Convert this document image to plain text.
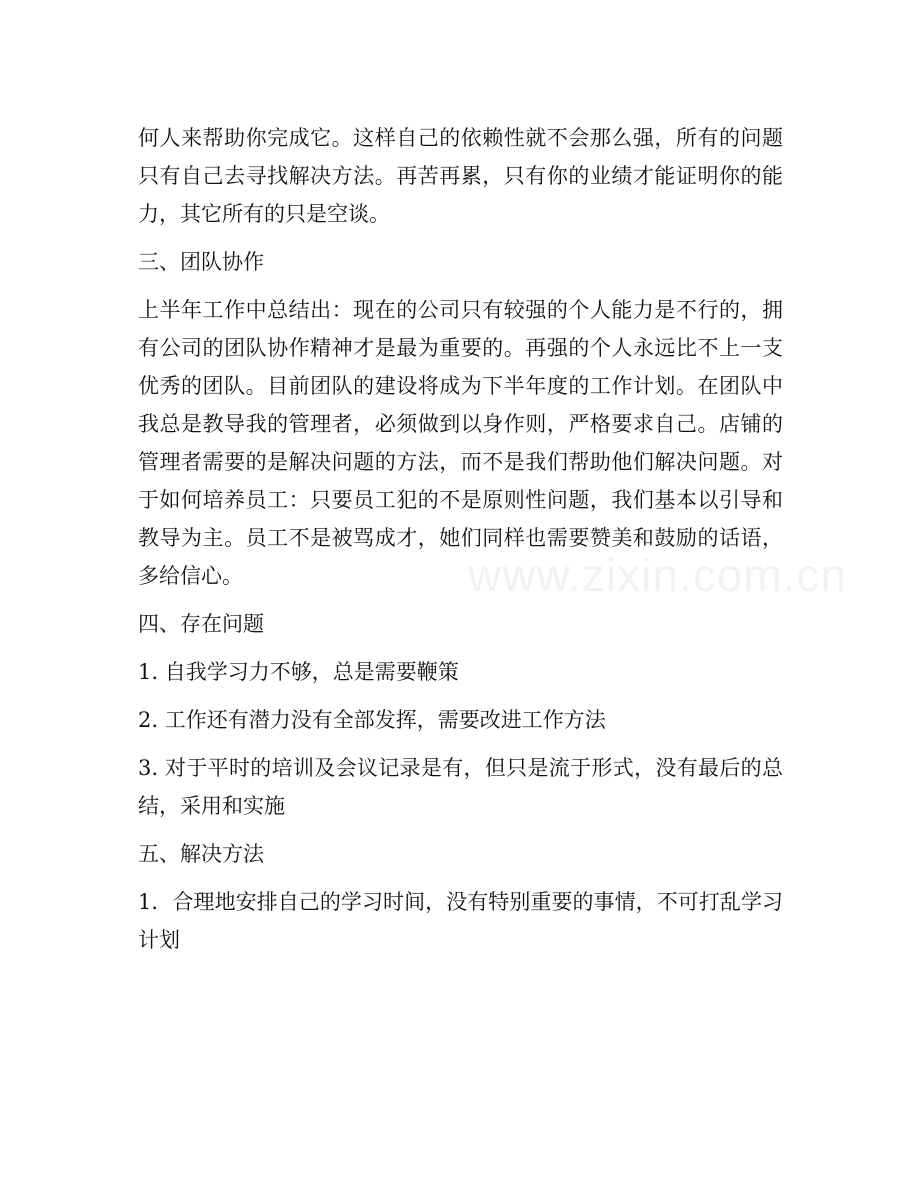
何人来帮助你完成它。这样自己的依赖性就不会那么强，所有的问题只有自己去寻找解决方法。再苦再累，只有你的业绩才能证明你的能力，其它所有的只是空谈。

三、团队协作

上半年工作中总结出：现在的公司只有较强的个人能力是不行的，拥有公司的团队协作精神才是最为重要的。再强的个人永远比不上一支优秀的团队。目前团队的建设将成为下半年度的工作计划。在团队中我总是教导我的管理者，必须做到以身作则，严格要求自己。店铺的管理者需要的是解决问题的方法，而不是我们帮助他们解决问题。对于如何培养员工：只要员工犯的不是原则性问题，我们基本以引导和教导为主。员工不是被骂成才，她们同样也需要赞美和鼓励的话语，多给信心。

四、存在问题

1. 自我学习力不够，总是需要鞭策

2. 工作还有潜力没有全部发挥，需要改进工作方法

3. 对于平时的培训及会议记录是有，但只是流于形式，没有最后的总结，采用和实施

五、解决方法

1．合理地安排自己的学习时间，没有特别重要的事情，不可打乱学习计划

www.zixin.com.cn
